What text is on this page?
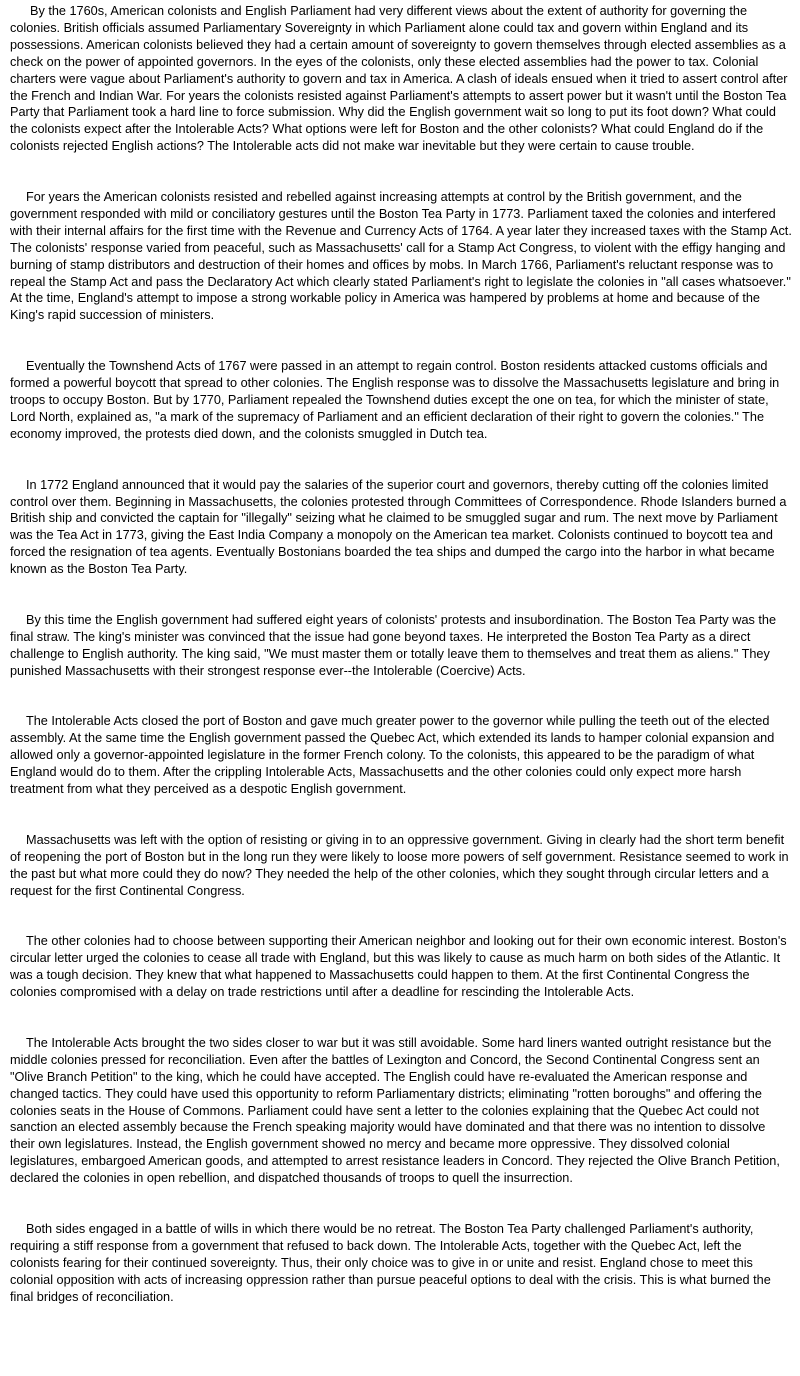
By the 1760s, American colonists and English Parliament had very different views about the extent of authority for governing the colonies. British officials assumed Parliamentary Sovereignty in which Parliament alone could tax and govern within England and its possessions. American colonists believed they had a certain amount of sovereignty to govern themselves through elected assemblies as a check on the power of appointed governors. In the eyes of the colonists, only these elected assemblies had the power to tax. Colonial charters were vague about Parliament's authority to govern and tax in America. A clash of ideals ensued when it tried to assert control after the French and Indian War. For years the colonists resisted against Parliament's attempts to assert power but it wasn't until the Boston Tea Party that Parliament took a hard line to force submission. Why did the English government wait so long to put its foot down? What could the colonists expect after the Intolerable Acts? What options were left for Boston and the other colonists? What could England do if the colonists rejected English actions? The Intolerable acts did not make war inevitable but they were certain to cause trouble.

For years the American colonists resisted and rebelled against increasing attempts at control by the British government, and the government responded with mild or conciliatory gestures until the Boston Tea Party in 1773. Parliament taxed the colonies and interfered with their internal affairs for the first time with the Revenue and Currency Acts of 1764. A year later they increased taxes with the Stamp Act. The colonists' response varied from peaceful, such as Massachusetts' call for a Stamp Act Congress, to violent with the effigy hanging and burning of stamp distributors and destruction of their homes and offices by mobs. In March 1766, Parliament's reluctant response was to repeal the Stamp Act and pass the Declaratory Act which clearly stated Parliament's right to legislate the colonies in "all cases whatsoever." At the time, England's attempt to impose a strong workable policy in America was hampered by problems at home and because of the King's rapid succession of ministers.

Eventually the Townshend Acts of 1767 were passed in an attempt to regain control. Boston residents attacked customs officials and formed a powerful boycott that spread to other colonies. The English response was to dissolve the Massachusetts legislature and bring in troops to occupy Boston. But by 1770, Parliament repealed the Townshend duties except the one on tea, for which the minister of state, Lord North, explained as, "a mark of the supremacy of Parliament and an efficient declaration of their right to govern the colonies." The economy improved, the protests died down, and the colonists smuggled in Dutch tea.

In 1772 England announced that it would pay the salaries of the superior court and governors, thereby cutting off the colonies limited control over them. Beginning in Massachusetts, the colonies protested through Committees of Correspondence. Rhode Islanders burned a British ship and convicted the captain for "illegally" seizing what he claimed to be smuggled sugar and rum. The next move by Parliament was the Tea Act in 1773, giving the East India Company a monopoly on the American tea market. Colonists continued to boycott tea and forced the resignation of tea agents. Eventually Bostonians boarded the tea ships and dumped the cargo into the harbor in what became known as the Boston Tea Party.

By this time the English government had suffered eight years of colonists' protests and insubordination. The Boston Tea Party was the final straw. The king's minister was convinced that the issue had gone beyond taxes. He interpreted the Boston Tea Party as a direct challenge to English authority. The king said, "We must master them or totally leave them to themselves and treat them as aliens." They punished Massachusetts with their strongest response ever--the Intolerable (Coercive) Acts.

The Intolerable Acts closed the port of Boston and gave much greater power to the governor while pulling the teeth out of the elected assembly. At the same time the English government passed the Quebec Act, which extended its lands to hamper colonial expansion and allowed only a governor-appointed legislature in the former French colony. To the colonists, this appeared to be the paradigm of what England would do to them. After the crippling Intolerable Acts, Massachusetts and the other colonies could only expect more harsh treatment from what they perceived as a despotic English government.

Massachusetts was left with the option of resisting or giving in to an oppressive government. Giving in clearly had the short term benefit of reopening the port of Boston but in the long run they were likely to loose more powers of self government. Resistance seemed to work in the past but what more could they do now? They needed the help of the other colonies, which they sought through circular letters and a request for the first Continental Congress.

The other colonies had to choose between supporting their American neighbor and looking out for their own economic interest. Boston's circular letter urged the colonies to cease all trade with England, but this was likely to cause as much harm on both sides of the Atlantic. It was a tough decision. They knew that what happened to Massachusetts could happen to them. At the first Continental Congress the colonies compromised with a delay on trade restrictions until after a deadline for rescinding the Intolerable Acts.

The Intolerable Acts brought the two sides closer to war but it was still avoidable. Some hard liners wanted outright resistance but the middle colonies pressed for reconciliation. Even after the battles of Lexington and Concord, the Second Continental Congress sent an "Olive Branch Petition" to the king, which he could have accepted. The English could have re-evaluated the American response and changed tactics. They could have used this opportunity to reform Parliamentary districts; eliminating "rotten boroughs" and offering the colonies seats in the House of Commons. Parliament could have sent a letter to the colonies explaining that the Quebec Act could not sanction an elected assembly because the French speaking majority would have dominated and that there was no intention to dissolve their own legislatures. Instead, the English government showed no mercy and became more oppressive. They dissolved colonial legislatures, embargoed American goods, and attempted to arrest resistance leaders in Concord. They rejected the Olive Branch Petition, declared the colonies in open rebellion, and dispatched thousands of troops to quell the insurrection.

Both sides engaged in a battle of wills in which there would be no retreat. The Boston Tea Party challenged Parliament's authority, requiring a stiff response from a government that refused to back down. The Intolerable Acts, together with the Quebec Act, left the colonists fearing for their continued sovereignty. Thus, their only choice was to give in or unite and resist. England chose to meet this colonial opposition with acts of increasing oppression rather than pursue peaceful options to deal with the crisis. This is what burned the final bridges of reconciliation.
